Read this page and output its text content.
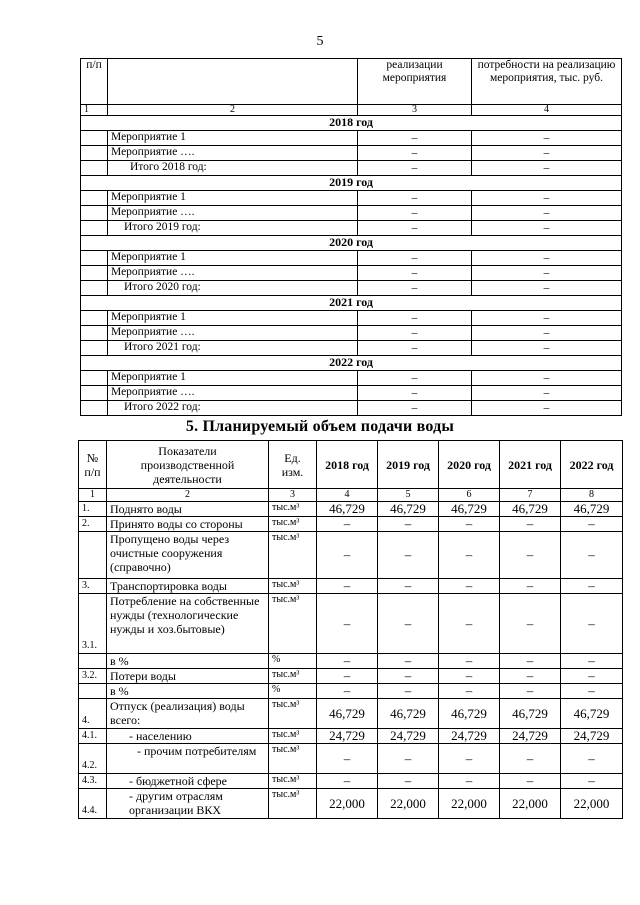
5
п/п		реализации мероприятия	потребности на реализацию мероприятия, тыс. руб.
1	2	3	4
2018 год			
	Мероприятие 1	–	–
	Мероприятие ….	–	–
	Итого 2018 год:	–	–
2019 год			
	Мероприятие 1	–	–
	Мероприятие ….	–	–
	Итого 2019 год:	–	–
2020 год			
	Мероприятие 1	–	–
	Мероприятие ….	–	–
	Итого 2020 год:	–	–
2021 год			
	Мероприятие 1	–	–
	Мероприятие ….	–	–
	Итого 2021 год:	–	–
2022 год			
	Мероприятие 1	–	–
	Мероприятие ….	–	–
	Итого 2022 год:	–	–
5. Планируемый объем подачи воды
№ п/п	Показатели производственной деятельности	Ед. изм.	2018 год	2019 год	2020 год	2021 год	2022 год
1	2	3	4	5	6	7	8
1.	Поднято воды	тыс.м³	46,729	46,729	46,729	46,729	46,729
2.	Принято воды со стороны	тыс.м³	–	–	–	–	–
	Пропущено воды через очистные сооружения (справочно)	тыс.м³	–	–	–	–	–
3.	Транспортировка воды	тыс.м³	–	–	–	–	–
3.1.	Потребление на собственные нужды (технологические нужды и хоз.бытовые)	тыс.м³	–	–	–	–	–
	в %	%	–	–	–	–	–
3.2.	Потери воды	тыс.м³	–	–	–	–	–
	в %	%	–	–	–	–	–
4.	Отпуск (реализация) воды всего:	тыс.м³	46,729	46,729	46,729	46,729	46,729
4.1.	- населению	тыс.м³	24,729	24,729	24,729	24,729	24,729
4.2.	- прочим потребителям	тыс.м³	–	–	–	–	–
4.3.	- бюджетной сфере	тыс.м³	–	–	–	–	–
4.4.	- другим отраслям организации ВКХ	тыс.м³	22,000	22,000	22,000	22,000	22,000
